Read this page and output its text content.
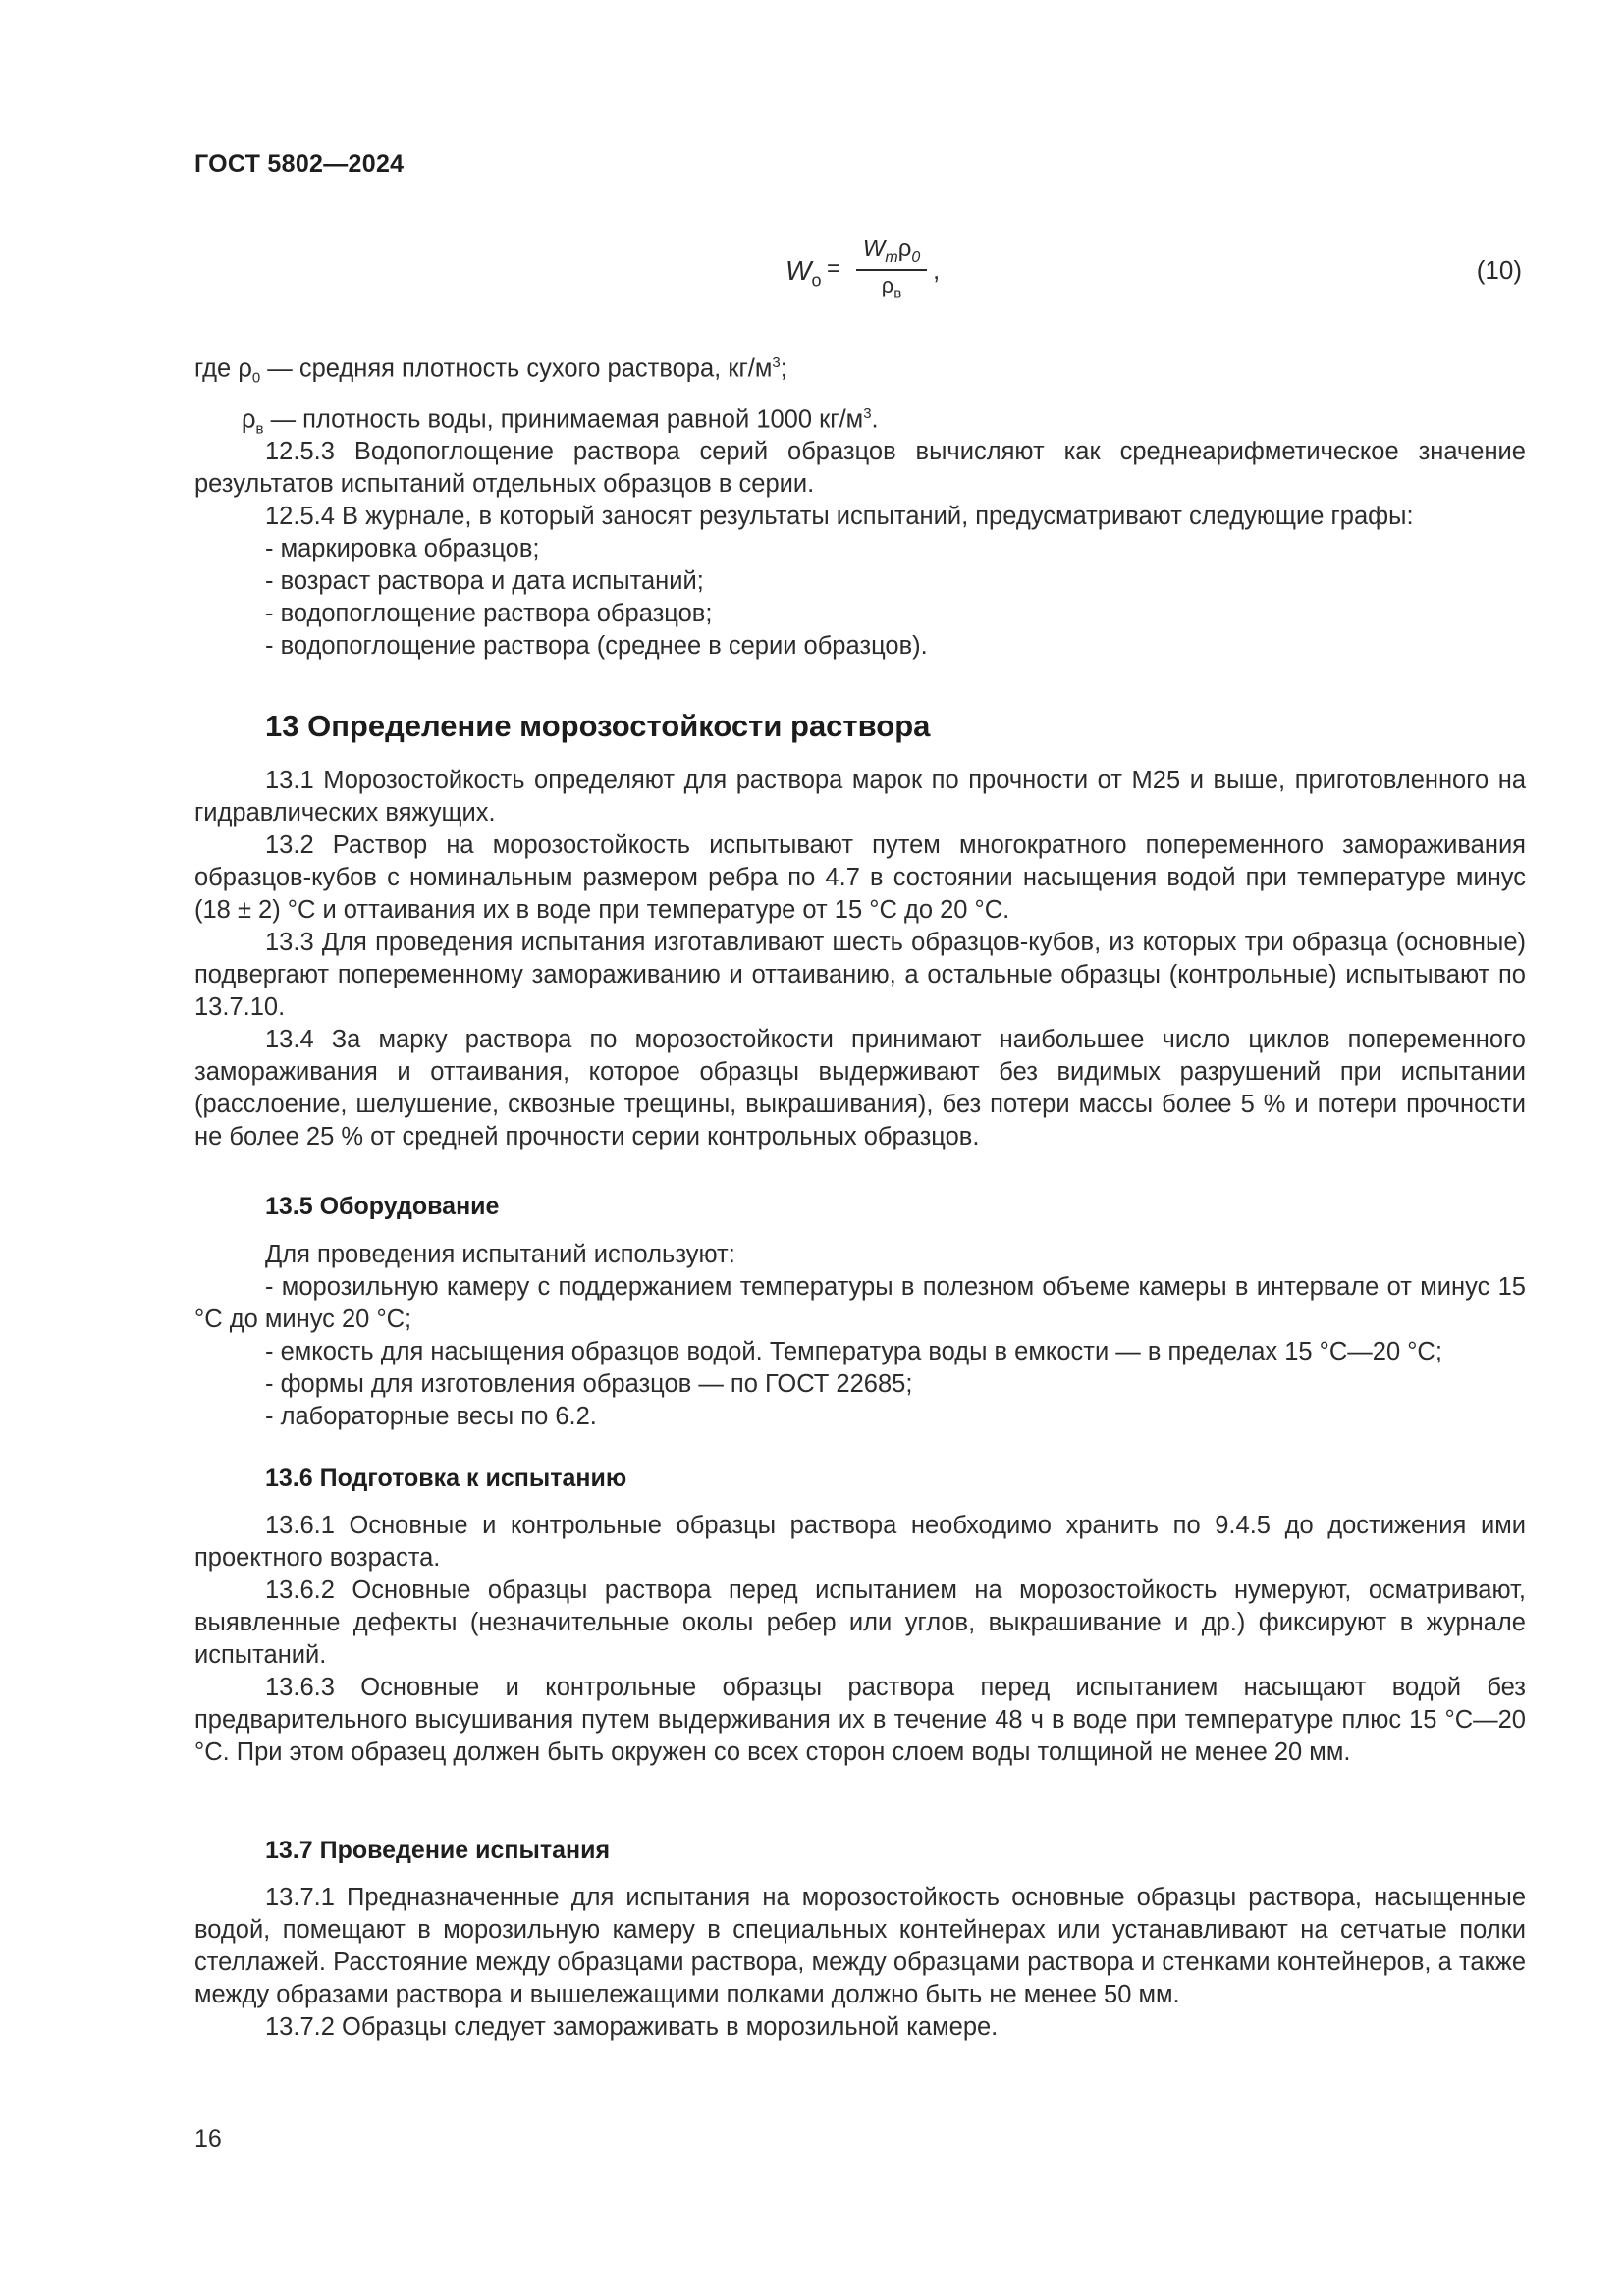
ГОСТ 5802—2024
$W_о$ =
$W_m\rho_0$
$\rho_в$
,	(10)
где $\rho_0$ — средняя плотность сухого раствора, $кг/м^3$;
$\rho_в$ — плотность воды, принимаемая равной 1000 $кг/м^3$.

12.5.3 Водопоглощение раствора серий образцов вычисляют как среднеарифметическое значение результатов испытаний отдельных образцов в серии.

12.5.4 В журнале, в который заносят результаты испытаний, предусматривают следующие графы:

- маркировка образцов;

- возраст раствора и дата испытаний;

- водопоглощение раствора образцов;

- водопоглощение раствора (среднее в серии образцов).

13 Определение морозостойкости раствора

13.1 Морозостойкость определяют для раствора марок по прочности от М25 и выше, приготовленного на гидравлических вяжущих.

13.2 Раствор на морозостойкость испытывают путем многократного попеременного замораживания образцов-кубов с номинальным размером ребра по 4.7 в состоянии насыщения водой при температуре минус (18 ± 2) °С и оттаивания их в воде при температуре от 15 °С до 20 °С.

13.3 Для проведения испытания изготавливают шесть образцов-кубов, из которых три образца (основные) подвергают попеременному замораживанию и оттаиванию, а остальные образцы (контрольные) испытывают по 13.7.10.

13.4 За марку раствора по морозостойкости принимают наибольшее число циклов попеременного замораживания и оттаивания, которое образцы выдерживают без видимых разрушений при испытании (расслоение, шелушение, сквозные трещины, выкрашивания), без потери массы более 5 % и потери прочности не более 25 % от средней прочности серии контрольных образцов.

13.5 Оборудование

Для проведения испытаний используют:

- морозильную камеру с поддержанием температуры в полезном объеме камеры в интервале от минус 15 °С до минус 20 °С;

- емкость для насыщения образцов водой. Температура воды в емкости — в пределах 15 °С—20 °С;

- формы для изготовления образцов — по ГОСТ 22685;

- лабораторные весы по 6.2.

13.6 Подготовка к испытанию

13.6.1 Основные и контрольные образцы раствора необходимо хранить по 9.4.5 до достижения ими проектного возраста.

13.6.2 Основные образцы раствора перед испытанием на морозостойкость нумеруют, осматривают, выявленные дефекты (незначительные околы ребер или углов, выкрашивание и др.) фиксируют в журнале испытаний.

13.6.3 Основные и контрольные образцы раствора перед испытанием насыщают водой без предварительного высушивания путем выдерживания их в течение 48 ч в воде при температуре плюс 15 °С—20 °С. При этом образец должен быть окружен со всех сторон слоем воды толщиной не менее 20 мм.

13.7 Проведение испытания

13.7.1 Предназначенные для испытания на морозостойкость основные образцы раствора, насыщенные водой, помещают в морозильную камеру в специальных контейнерах или устанавливают на сетчатые полки стеллажей. Расстояние между образцами раствора, между образцами раствора и стенками контейнеров, а также между образами раствора и вышележащими полками должно быть не менее 50 мм.

13.7.2 Образцы следует замораживать в морозильной камере.

16
